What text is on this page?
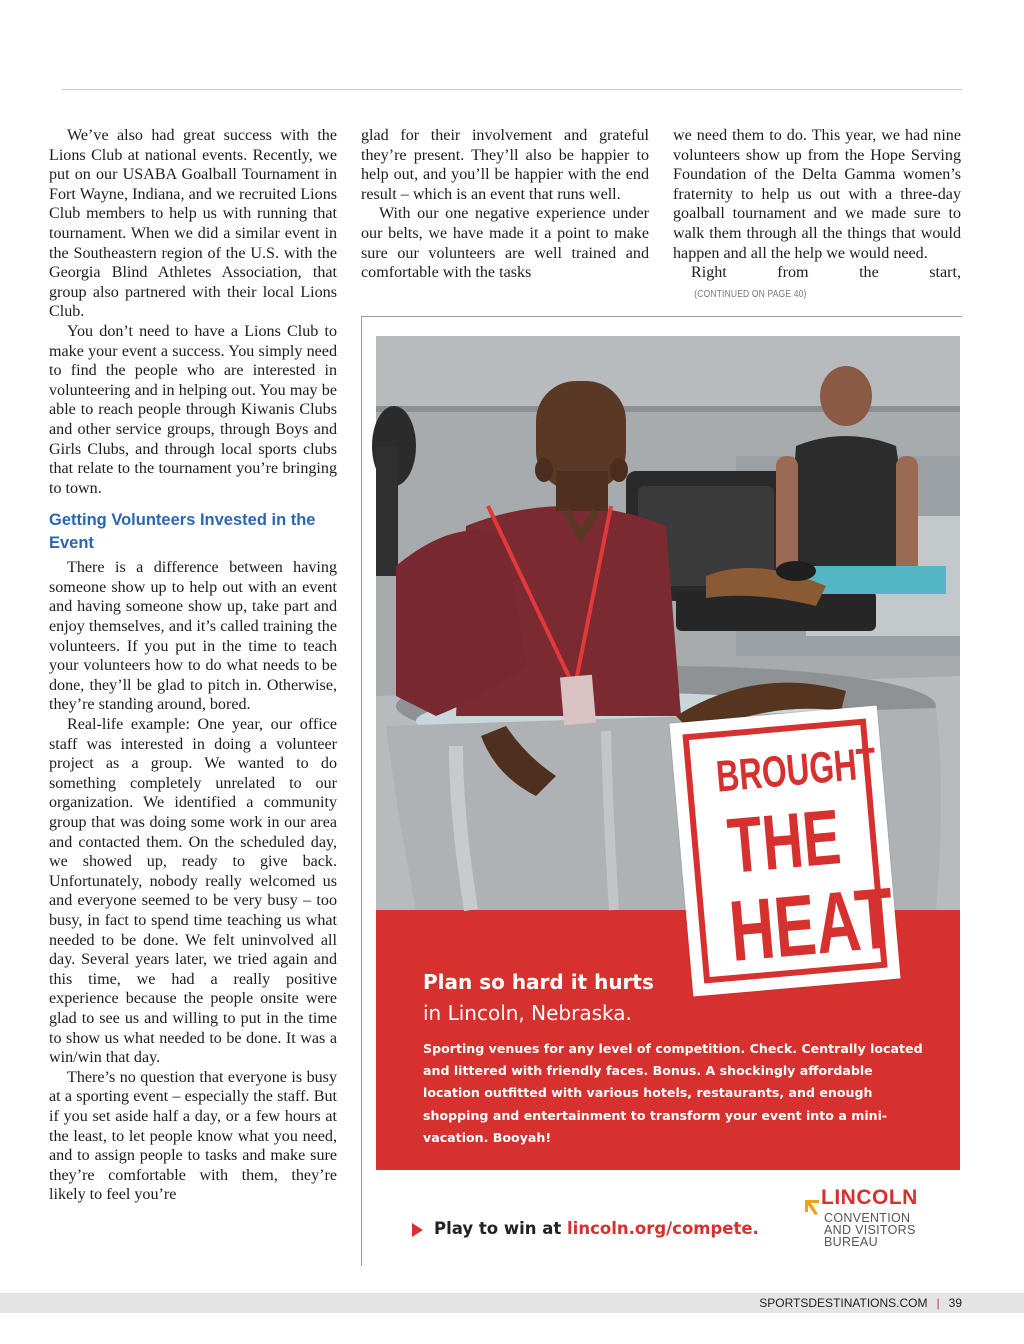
We’ve also had great success with the Lions Club at national events. Recently, we put on our USABA Goalball Tournament in Fort Wayne, Indiana, and we recruited Lions Club members to help us with running that tournament. When we did a similar event in the Southeastern region of the U.S. with the Georgia Blind Athletes Association, that group also partnered with their local Lions Club.

You don’t need to have a Lions Club to make your event a success. You simply need to find the people who are interested in volunteering and in helping out. You may be able to reach people through Kiwanis Clubs and other service groups, through Boys and Girls Clubs, and through local sports clubs that relate to the tournament you’re bringing to town.

Getting Volunteers Invested in the Event

There is a difference between having someone show up to help out with an event and having someone show up, take part and enjoy themselves, and it’s called training the volunteers. If you put in the time to teach your volunteers how to do what needs to be done, they’ll be glad to pitch in. Otherwise, they’re standing around, bored.

Real-life example: One year, our office staff was interested in doing a volunteer project as a group. We wanted to do something completely unrelated to our organization. We identified a community group that was doing some work in our area and contacted them. On the scheduled day, we showed up, ready to give back. Unfortunately, nobody really welcomed us and everyone seemed to be very busy – too busy, in fact to spend time teaching us what needed to be done. We felt uninvolved all day. Several years later, we tried again and this time, we had a really positive experience because the people onsite were glad to see us and willing to put in the time to show us what needed to be done. It was a win/win that day.

There’s no question that everyone is busy at a sporting event – especially the staff. But if you set aside half a day, or a few hours at the least, to let people know what you need, and to assign people to tasks and make sure they’re comfortable with them, they’re likely to feel you’re

glad for their involvement and grateful they’re present. They’ll also be happier to help out, and you’ll be happier with the end result – which is an event that runs well.

With our one negative experience under our belts, we have made it a point to make sure our volunteers are well trained and comfortable with the tasks

we need them to do. This year, we had nine volunteers show up from the Hope Serving Foundation of the Delta Gamma women’s fraternity to help us out with a three-day goalball tournament and we made sure to walk them through all the things that would happen and all the help we would need.

Right from the start,(CONTINUED ON PAGE 40)

BROUGHT
THE
HEAT
Plan so hard it hurts
in Lincoln, Nebraska.
Sporting venues for any level of competition. Check. Centrally located and littered with friendly faces. Bonus. A shockingly affordable location outfitted with various hotels, restaurants, and enough shopping and entertainment to transform your event into a mini-vacation. Booyah!
Play to win at lincoln.org/compete.
LINCOLN
CONVENTION
AND VISITORS
BUREAU
SPORTSDESTINATIONS.COM | 39
